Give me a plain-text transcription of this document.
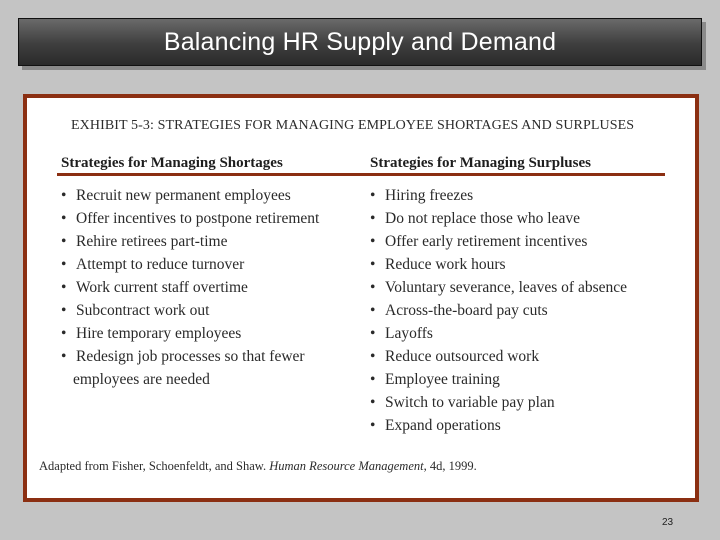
Balancing HR Supply and Demand
EXHIBIT 5-3: STRATEGIES FOR MANAGING EMPLOYEE SHORTAGES AND SURPLUSES
Strategies for Managing Shortages	Strategies for Managing Surpluses
• Recruit new permanent employees
• Offer incentives to postpone retirement
• Rehire retirees part-time
• Attempt to reduce turnover
• Work current staff overtime
• Subcontract work out
• Hire temporary employees
• Redesign job processes so that fewer
employees are needed
• Hiring freezes
• Do not replace those who leave
• Offer early retirement incentives
• Reduce work hours
• Voluntary severance, leaves of absence
• Across-the-board pay cuts
• Layoffs
• Reduce outsourced work
• Employee training
• Switch to variable pay plan
• Expand operations
Adapted from Fisher, Schoenfeldt, and Shaw. Human Resource Management, 4d, 1999.
23
